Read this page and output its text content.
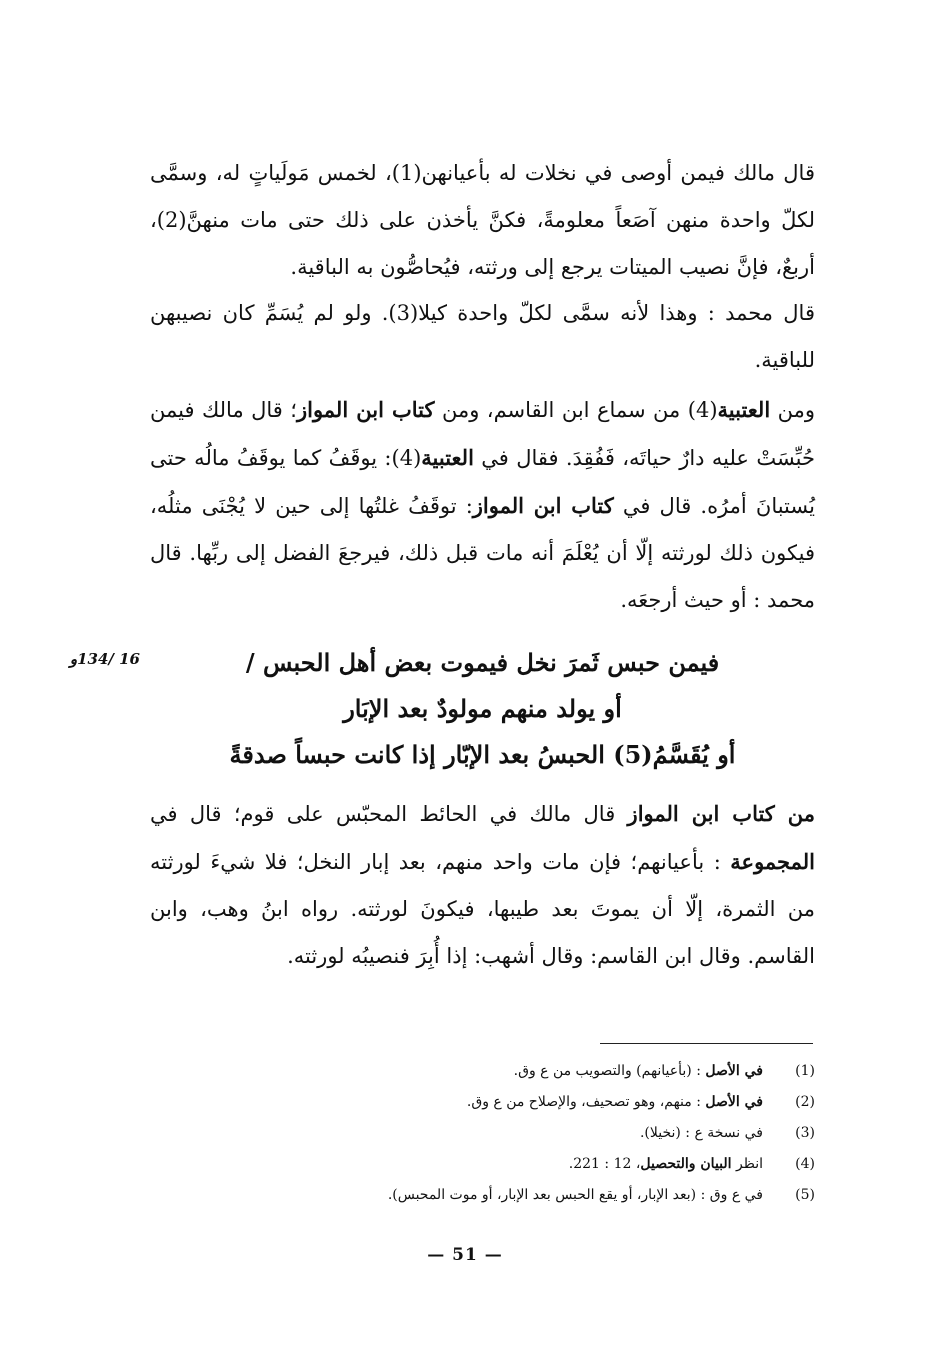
قال مالك فيمن أوصى في نخلات له بأعيانهن(1)، لخمس مَولَياتٍ له، وسمَّى لكلّ واحدة منهن آصَعاً معلومةً، فكنَّ يأخذن على ذلك حتى مات منهنَّ(2)، أربعٌ، فإنَّ نصيب الميتات يرجع إلى ورثته، فيُحاصُّون به الباقية.

قال محمد : وهذا لأنه سمَّى لكلّ واحدة كيلا(3). ولو لم يُسَمِّ كان نصيبهن للباقية.

ومن العتبية(4) من سماع ابن القاسم، ومن كتاب ابن المواز؛ قال مالك فيمن حُبِّسَتْ عليه دارٌ حياتَه، فَفُقِدَ. فقال في العتبية(4): يوقَفُ كما يوقَفُ مالُه حتى يُستبانَ أمرُه. قال في كتاب ابن المواز: توقَفُ غلتُها إلى حين لا يُجْنَى مثلُه، فيكون ذلك لورثته إلّا أن يُعْلَمَ أنه مات قبل ذلك، فيرجعَ الفضل إلى ربِّها. قال محمد : أو حيث أرجعَه.

16 /134و	فيمن حبس ثَمرَ نخل فيموت بعض أهل الحبس /
أو يولد منهم مولودٌ بعد الإبَار
أو يُقَسَّمُ(5) الحبسُ بعد الإبّار إذا كانت حبساً صدقةً

من كتاب ابن المواز قال مالك في الحائط المحبّس على قوم؛ قال في المجموعة : بأعيانهم؛ فإن مات واحد منهم، بعد إبار النخل؛ فلا شيءَ لورثته من الثمرة، إلّا أن يموتَ بعد طيبها، فيكونَ لورثته. رواه ابنُ وهب، وابن القاسم. وقال ابن القاسم: وقال أشهب: إذا أُبِرَ فنصيبُه لورثته.

(1)
في الأصل : (بأعيانهم) والتصويب من ع وق.
(2)
في الأصل : منهم، وهو تصحيف، والإصلاح من ع وق.
(3)
في نسخة ع : (نخيلا).
(4)
انظر البيان والتحصيل، 12 : 221.
(5)
في ع وق : (بعد الإبار، أو يقع الحبس بعد الإبار، أو موت المحبس).
— 51 —
